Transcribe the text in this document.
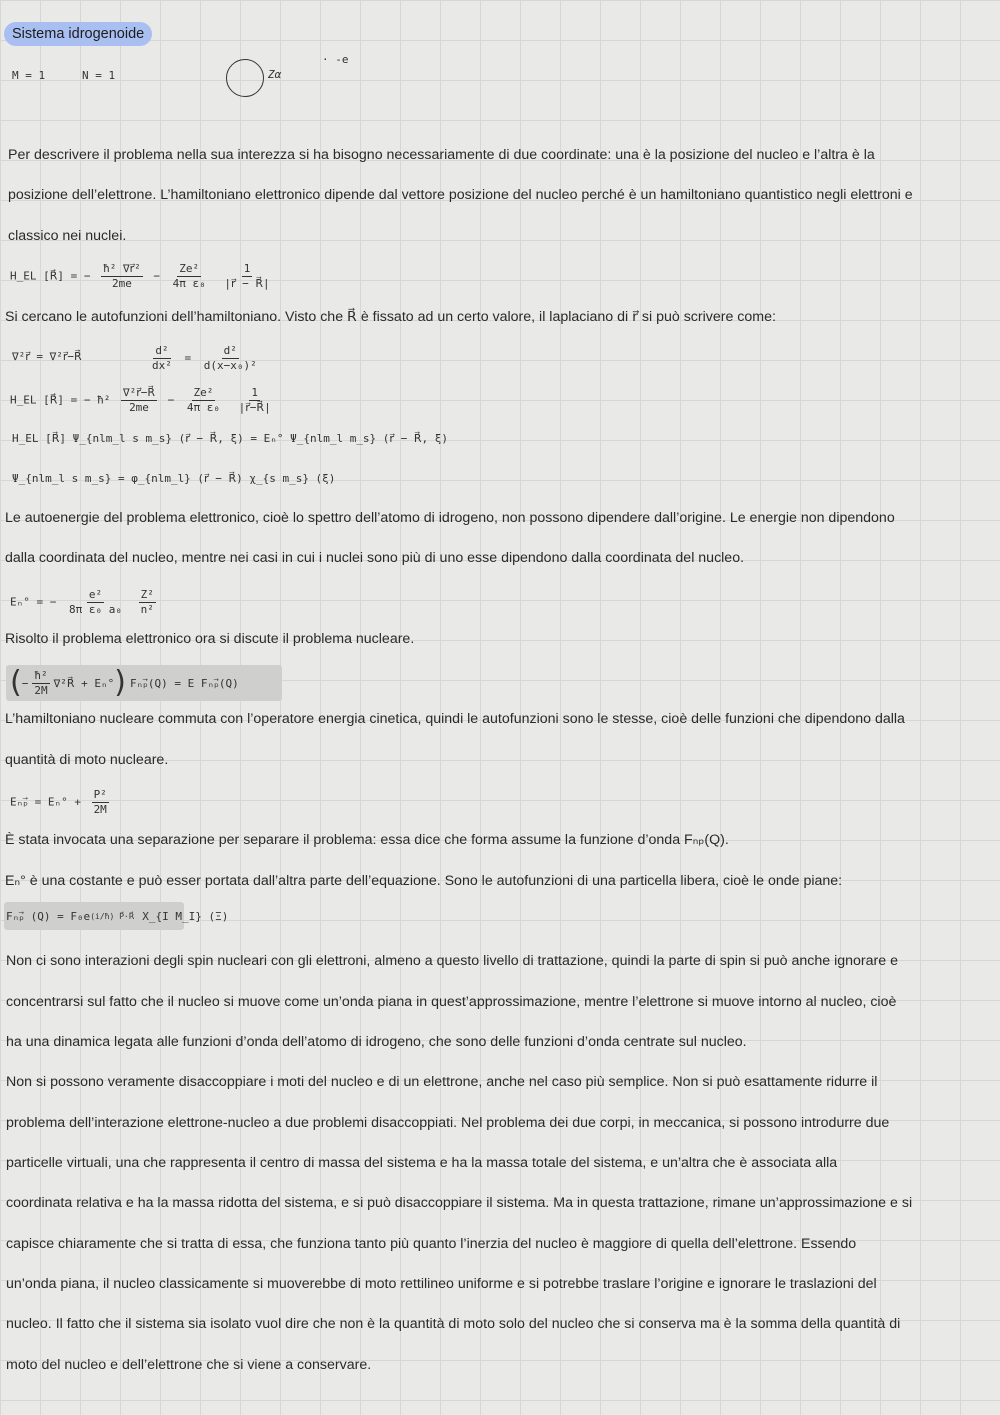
Sistema idrogenoide
M = 1	N = 1	Zα
· -e
Per descrivere il problema nella sua interezza si ha bisogno necessariamente di due coordinate: una è la posizione del nucleo e l’altra è la
posizione dell’elettrone. L’hamiltoniano elettronico dipende dal vettore posizione del nucleo perché è un hamiltoniano quantistico negli elettroni e
classico nei nuclei.
H_EL [R⃗] = − $\frac{\text{ħ² ∇r⃗²}}{2me} - \frac{\text{Ze²}}{\text{4π ε₀}}$
$\frac{1}{|r⃗ - R⃗|}$
Si cercano le autofunzioni dell’hamiltoniano. Visto che R⃗ è fissato ad un certo valore, il laplaciano di r⃗ si può scrivere come:
∇²r⃗ = ∇²r⃗−R⃗	$\frac{\text{d²}}{\text{dx²}} = \frac{\text{d²}}{\text{d(x−x₀)²}}$
H_EL [R⃗] = − ħ² $\frac{\text{∇²r⃗−R⃗}}{2me} - \frac{\text{Ze²}}{\text{4π ε₀}}$
$\frac{1}{|r⃗-R⃗|}$
H_EL [R⃗] Ψ_{nlm_l s m_s} (r⃗ − R⃗, ξ) = Eₙ° Ψ_{nlm_l m_s} (r⃗ − R⃗, ξ)
Ψ_{nlm_l s m_s} = φ_{nlm_l} (r⃗ − R⃗) χ_{s m_s} (ξ)
Le autoenergie del problema elettronico, cioè lo spettro dell’atomo di idrogeno, non possono dipendere dall’origine. Le energie non dipendono
dalla coordinata del nucleo, mentre nei casi in cui i nuclei sono più di uno esse dipendono dalla coordinata del nucleo.
Eₙ° = − $\frac{\text{e²}}{\text{8π ε₀ a₀}}$
$\frac{\text{Z²}}{\text{n²}}$
Risolto il problema elettronico ora si discute il problema nucleare.
( − $\frac{\text{ħ²}}{2M}$ ∇²R⃗ + Eₙ° ) Fₙₚ⃗(Q) = E Fₙₚ⃗(Q)
L’hamiltoniano nucleare commuta con l’operatore energia cinetica, quindi le autofunzioni sono le stesse, cioè delle funzioni che dipendono dalla
quantità di moto nucleare.
Eₙₚ⃗ = $E_n^\circ + \frac{\text{P²}}{2M}$
È stata invocata una separazione per separare il problema: essa dice che forma assume la funzione d’onda Fₙₚ(Q).
Eₙ° è una costante e può esser portata dall’altra parte dell’equazione. Sono le autofunzioni di una particella libera, cioè le onde piane:
Fₙₚ⃗ (Q) = F₀e (i/ħ) P⃗·R⃗ X_{I M_I} (Ξ)
Non ci sono interazioni degli spin nucleari con gli elettroni, almeno a questo livello di trattazione, quindi la parte di spin si può anche ignorare e
concentrarsi sul fatto che il nucleo si muove come un’onda piana in quest’approssimazione, mentre l’elettrone si muove intorno al nucleo, cioè
ha una dinamica legata alle funzioni d’onda dell’atomo di idrogeno, che sono delle funzioni d’onda centrate sul nucleo.
Non si possono veramente disaccoppiare i moti del nucleo e di un elettrone, anche nel caso più semplice. Non si può esattamente ridurre il
problema dell’interazione elettrone-nucleo a due problemi disaccoppiati. Nel problema dei due corpi, in meccanica, si possono introdurre due
particelle virtuali, una che rappresenta il centro di massa del sistema e ha la massa totale del sistema, e un’altra che è associata alla
coordinata relativa e ha la massa ridotta del sistema, e si può disaccoppiare il sistema. Ma in questa trattazione, rimane un’approssimazione e si
capisce chiaramente che si tratta di essa, che funziona tanto più quanto l’inerzia del nucleo è maggiore di quella dell’elettrone. Essendo
un’onda piana, il nucleo classicamente si muoverebbe di moto rettilineo uniforme e si potrebbe traslare l’origine e ignorare le traslazioni del
nucleo. Il fatto che il sistema sia isolato vuol dire che non è la quantità di moto solo del nucleo che si conserva ma è la somma della quantità di
moto del nucleo e dell’elettrone che si viene a conservare.
